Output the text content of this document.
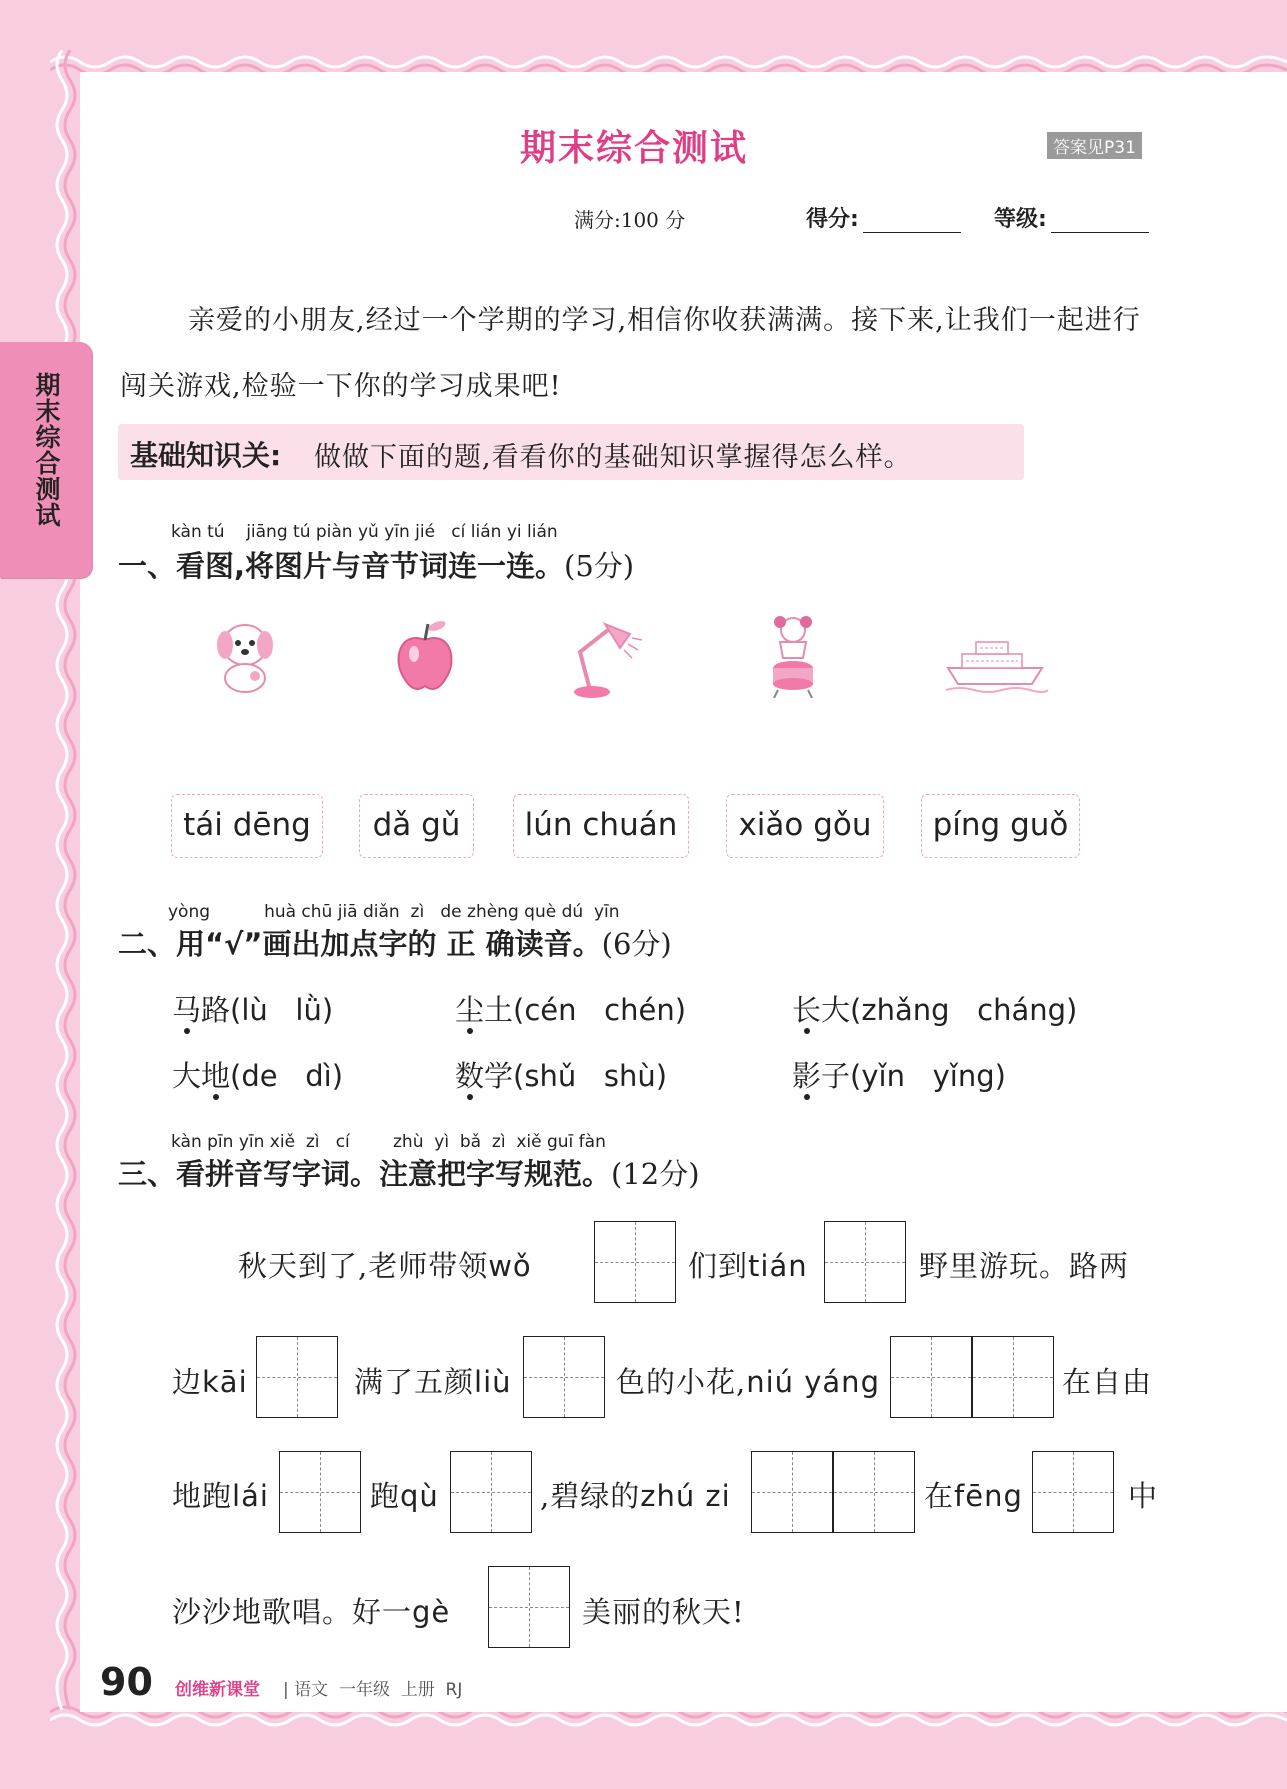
期末综合测试
期末综合测试	答案见P31
满分:100 分	得分:	等级:
亲爱的小朋友,经过一个学期的学习,相信你收获满满。接下来,让我们一起进行闯关游戏,检验一下你的学习成果吧!
基础知识关: 做做下面的题,看看你的基础知识掌握得怎么样。
kàn tú    jiāng tú piàn yǔ yīn jié   cí lián yi lián
一、看图,将图片与音节词连一连。(5分)
tái dēng	dǎ gǔ	lún chuán	xiǎo gǒu	píng guǒ
yòng          huà chū jiā diǎn  zì   de zhèng què dú  yīn
二、用“√”画出加点字的 正 确读音。(6分)
马路(lù   lǜ)	尘土(cén   chén)	长大(zhǎng   cháng)
大地(de   dì)	数学(shǔ   shù)	影子(yǐn   yǐng)
kàn pīn yīn xiě  zì   cí        zhù  yì  bǎ  zì  xiě guī fàn
三、看拼音写字词。注意把字写规范。(12分)
秋天到了,老师带领wǒ	们到tián	野里游玩。路两
边kāi	满了五颜liù	色的小花,niú yáng	在自由
地跑lái	跑qù	,碧绿的zhú zi	在fēng	中
沙沙地歌唱。好一gè	美丽的秋天!
90 创维新课堂 | 语文  一年级  上册  RJ
